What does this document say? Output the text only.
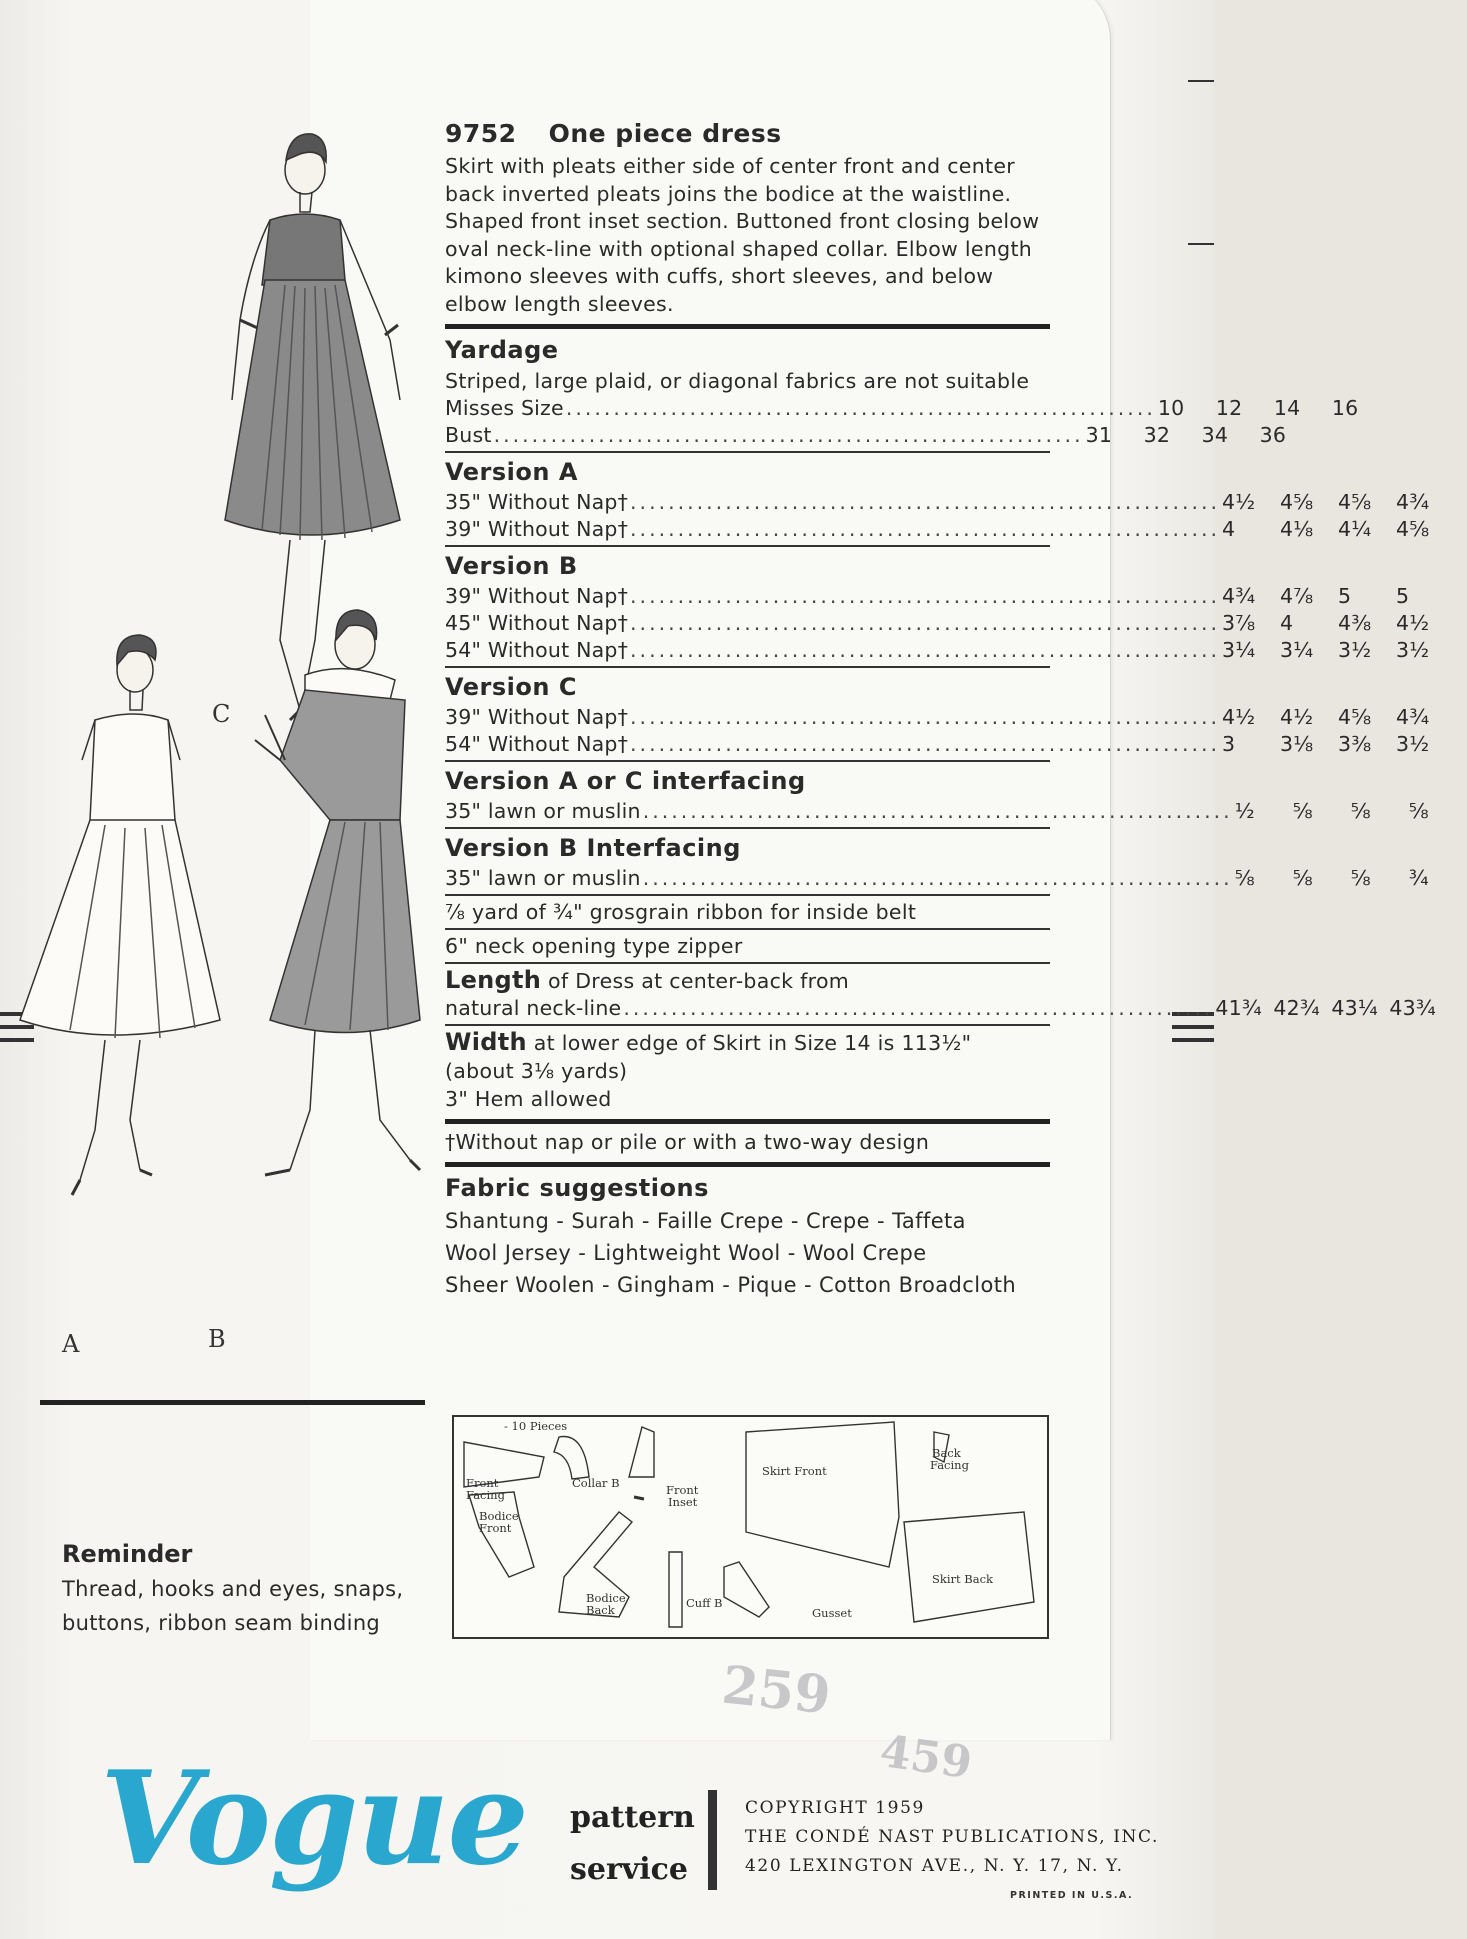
C
A	B
9752 One piece dress
Skirt with pleats either side of center front and center back inverted pleats joins the bodice at the waistline. Shaped front inset section. Buttoned front closing below oval neck-line with optional shaped collar. Elbow length kimono sleeves with cuffs, short sleeves, and below elbow length sleeves.
Yardage
Striped, large plaid, or diagonal fabrics are not suitable
Misses Size .............................................................. 10	12	14	16
Bust .............................................................. 31	32	34	36
Version A
35" Without Nap† .............................................................. 4½	4⅝	4⅝	4¾
39" Without Nap† .............................................................. 4	4⅛	4¼	4⅝
Version B
39" Without Nap† .............................................................. 4¾	4⅞	5	5
45" Without Nap† .............................................................. 3⅞	4	4⅜	4½
54" Without Nap† .............................................................. 3¼	3¼	3½	3½
Version C
39" Without Nap† .............................................................. 4½	4½	4⅝	4¾
54" Without Nap† .............................................................. 3	3⅛	3⅜	3½
Version A or C interfacing
35" lawn or muslin .............................................................. ½	⅝	⅝	⅝
Version B Interfacing
35" lawn or muslin .............................................................. ⅝	⅝	⅝	¾
⅞ yard of ¾" grosgrain ribbon for inside belt
6" neck opening type zipper
Length of Dress at center-back from
natural neck-line .............................................................. 41¾ 42¾ 43¼ 43¾
Width at lower edge of Skirt in Size 14 is 113½"
(about 3⅛ yards)
3" Hem allowed
†Without nap or pile or with a two-way design
Fabric suggestions
Shantung - Surah - Faille Crepe - Crepe - Taffeta
Wool Jersey - Lightweight Wool - Wool Crepe
Sheer Woolen - Gingham - Pique - Cotton Broadcloth
- 10 Pieces
Front
Facing
Bodice
Front
Collar B	Front
Inset
Skirt Front
Back
Facing
Bodice
Back	Cuff B
Gusset
Skirt Back
Reminder
Thread, hooks and eyes, snaps, buttons, ribbon seam binding
259
459
Vogue pattern
service
COPYRIGHT 1959
THE CONDÉ NAST PUBLICATIONS, INC.
420 LEXINGTON AVE., N. Y. 17, N. Y.
PRINTED IN U.S.A.
